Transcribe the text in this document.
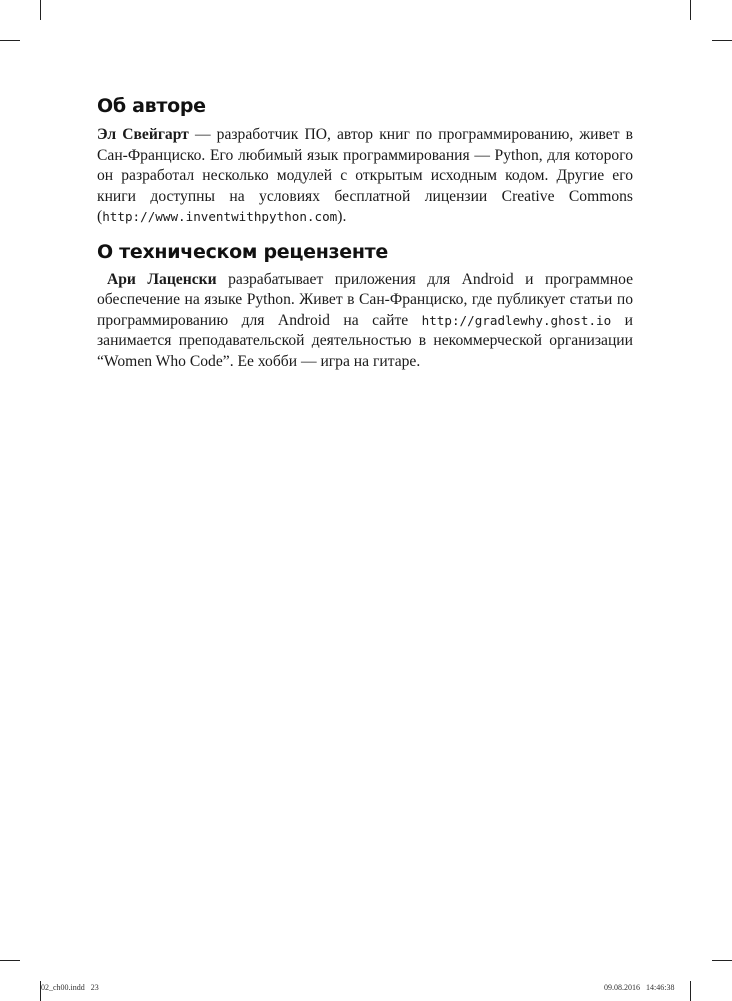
Об авторе

Эл Свейгарт — разработчик ПО, автор книг по программированию, живет в Сан-Франциско. Его любимый язык программирования — Python, для которого он разработал несколько модулей с открытым исходным кодом. Другие его книги доступны на условиях бесплатной лицензии Creative Commons (http://www.inventwithpython.com).

О техническом рецензенте

Ари Лаценски разрабатывает приложения для Android и программное обеспечение на языке Python. Живет в Сан-Франциско, где публикует статьи по программированию для Android на сайте http://gradlewhy.ghost.io и занимается преподавательской деятельностью в некоммерческой организации “Women Who Code”. Ее хобби — игра на гитаре.

02_ch00.indd   23	09.08.2016   14:46:38
